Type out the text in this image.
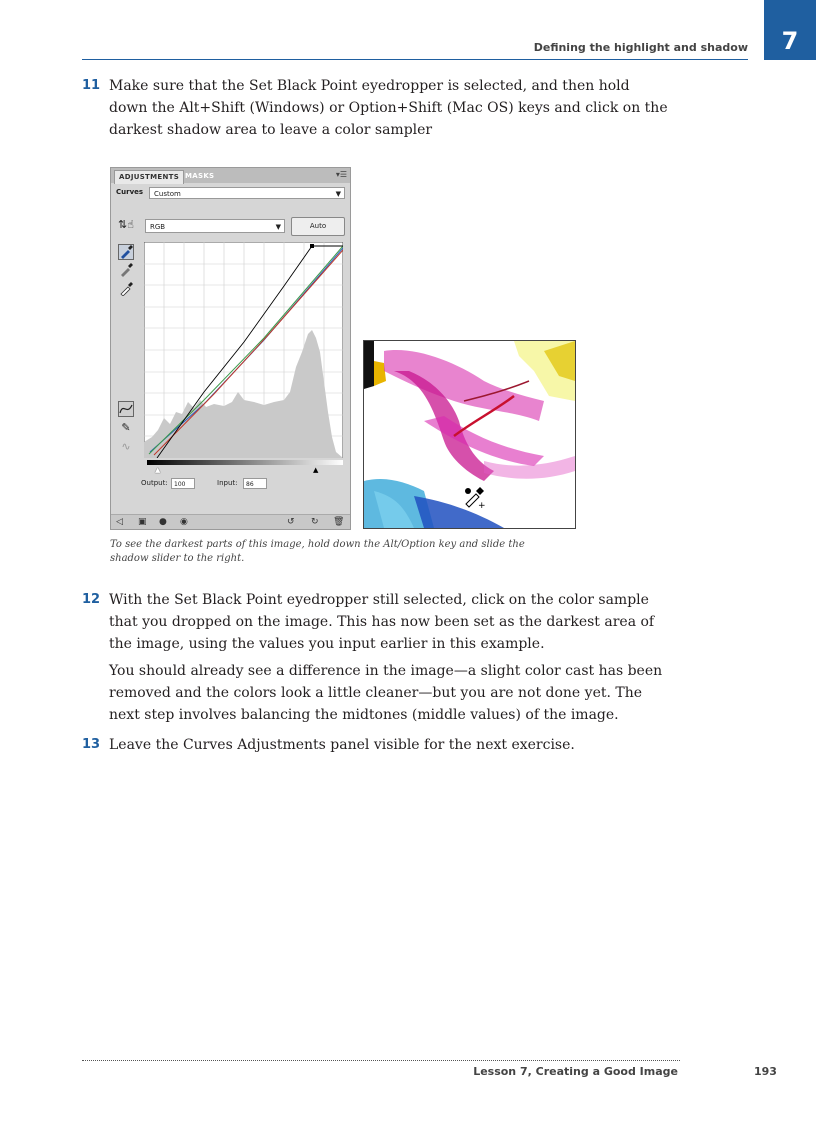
7
Defining the highlight and shadow
11 Make sure that the Set Black Point eyedropper is selected, and then hold down the Alt+Shift (Windows) or Option+Shift (Mac OS) keys and click on the darkest shadow area to leave a color sampler
ADJUSTMENTS MASKS	▾☰
Curves	Custom	▼
⇅☝	RGB	▼	Auto
✎
∿
▲	▲
Output:	100	Input:	86
◁ ▣ ● ◉	↺ ↻ 🗑
+
To see the darkest parts of this image, hold down the Alt/Option key and slide the shadow slider to the right.
12 With the Set Black Point eyedropper still selected, click on the color sample that you dropped on the image. This has now been set as the darkest area of the image, using the values you input earlier in this example.
You should already see a difference in the image—a slight color cast has been removed and the colors look a little cleaner—but you are not done yet. The next step involves balancing the midtones (middle values) of the image.
13 Leave the Curves Adjustments panel visible for the next exercise.
Lesson 7, Creating a Good Image	193
